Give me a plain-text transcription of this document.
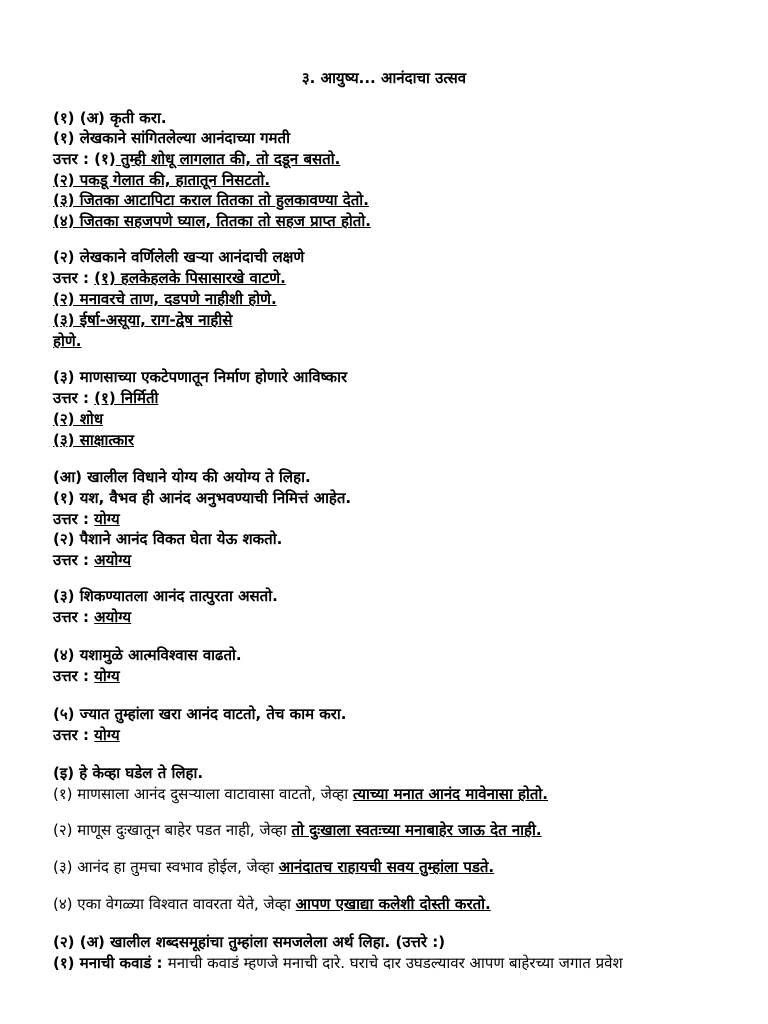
३. आयुष्य... आनंदाचा उत्सव
(१) (अ) कृती करा.
(१) लेखकाने सांगितलेल्या आनंदाच्या गमती
उत्तर : (१) तुम्ही शोधू लागलात की, तो दडून बसतो.
(२) पकडू गेलात की, हातातून निसटतो.
(३) जितका आटापिटा कराल तितका तो हुलकावण्या देतो.
(४) जितका सहजपणे घ्याल, तितका तो सहज प्राप्त होतो.
(२) लेखकाने वर्णिलेली खऱ्या आनंदाची लक्षणे
उत्तर : (१) हलकेहलके पिसासारखे वाटणे.
(२) मनावरचे ताण, दडपणे नाहीशी होणे.
(३) ईर्षा-असूया, राग-द्वेष नाहीसे
होणे.
(३) माणसाच्या एकटेपणातून निर्माण होणारे आविष्कार
उत्तर : (१) निर्मिती
(२) शोध
(३) साक्षात्कार
(आ) खालील विधाने योग्य की अयोग्य ते लिहा.
(१) यश, वैभव ही आनंद अनुभवण्याची निमित्तं आहेत.
उत्तर : योग्य
(२) पैशाने आनंद विकत घेता येऊ शकतो.
उत्तर : अयोग्य
(३) शिकण्यातला आनंद तात्पुरता असतो.
उत्तर : अयोग्य
(४) यशामुळे आत्मविश्वास वाढतो.
उत्तर : योग्य
(५) ज्यात तुम्हांला खरा आनंद वाटतो, तेच काम करा.
उत्तर : योग्य
(इ) हे केव्हा घडेल ते लिहा.
(१) माणसाला आनंद दुसऱ्याला वाटावासा वाटतो, जेव्हा त्याच्या मनात आनंद मावेनासा होतो.
(२) माणूस दुःखातून बाहेर पडत नाही, जेव्हा तो दुःखाला स्वतःच्या मनाबाहेर जाऊ देत नाही.
(३) आनंद हा तुमचा स्वभाव होईल, जेव्हा आनंदातच राहायची सवय तुम्हांला पडते.
(४) एका वेगळ्या विश्वात वावरता येते, जेव्हा आपण एखाद्या कलेशी दोस्ती करतो.
(२) (अ) खालील शब्दसमूहांचा तुम्हांला समजलेला अर्थ लिहा. (उत्तरे :)
(१) मनाची कवाडं : मनाची कवाडं म्हणजे मनाची दारे. घराचे दार उघडल्यावर आपण बाहेरच्या जगात प्रवेश
